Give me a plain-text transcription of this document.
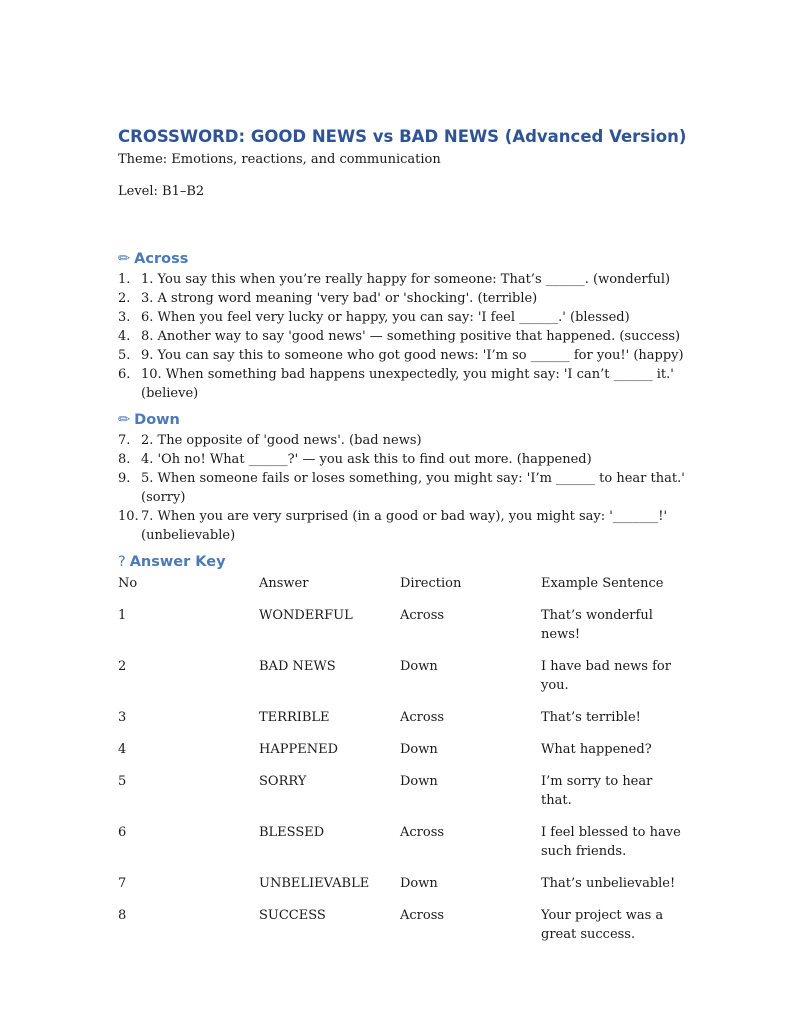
CROSSWORD: GOOD NEWS vs BAD NEWS (Advanced Version)

Theme: Emotions, reactions, and communication

Level: B1–B2

✏ Across
1. 1. You say this when you’re really happy for someone: That’s ______. (wonderful)
2. 3. A strong word meaning 'very bad' or 'shocking'. (terrible)
3. 6. When you feel very lucky or happy, you can say: 'I feel ______.' (blessed)
4. 8. Another way to say 'good news' — something positive that happened. (success)
5. 9. You can say this to someone who got good news: 'I’m so ______ for you!' (happy)
6. 10. When something bad happens unexpectedly, you might say: 'I can’t ______ it.' (believe)
✏ Down
7. 2. The opposite of 'good news'. (bad news)
8. 4. 'Oh no! What ______?' — you ask this to find out more. (happened)
9. 5. When someone fails or loses something, you might say: 'I’m ______ to hear that.' (sorry)
10. 7. When you are very surprised (in a good or bad way), you might say: '_______!' (unbelievable)
? Answer Key
No	Answer	Direction	Example Sentence
1	WONDERFUL	Across	That’s wonderful news!
2	BAD NEWS	Down	I have bad news for you.
3	TERRIBLE	Across	That’s terrible!
4	HAPPENED	Down	What happened?
5	SORRY	Down	I’m sorry to hear that.
6	BLESSED	Across	I feel blessed to have such friends.
7	UNBELIEVABLE	Down	That’s unbelievable!
8	SUCCESS	Across	Your project was a great success.
